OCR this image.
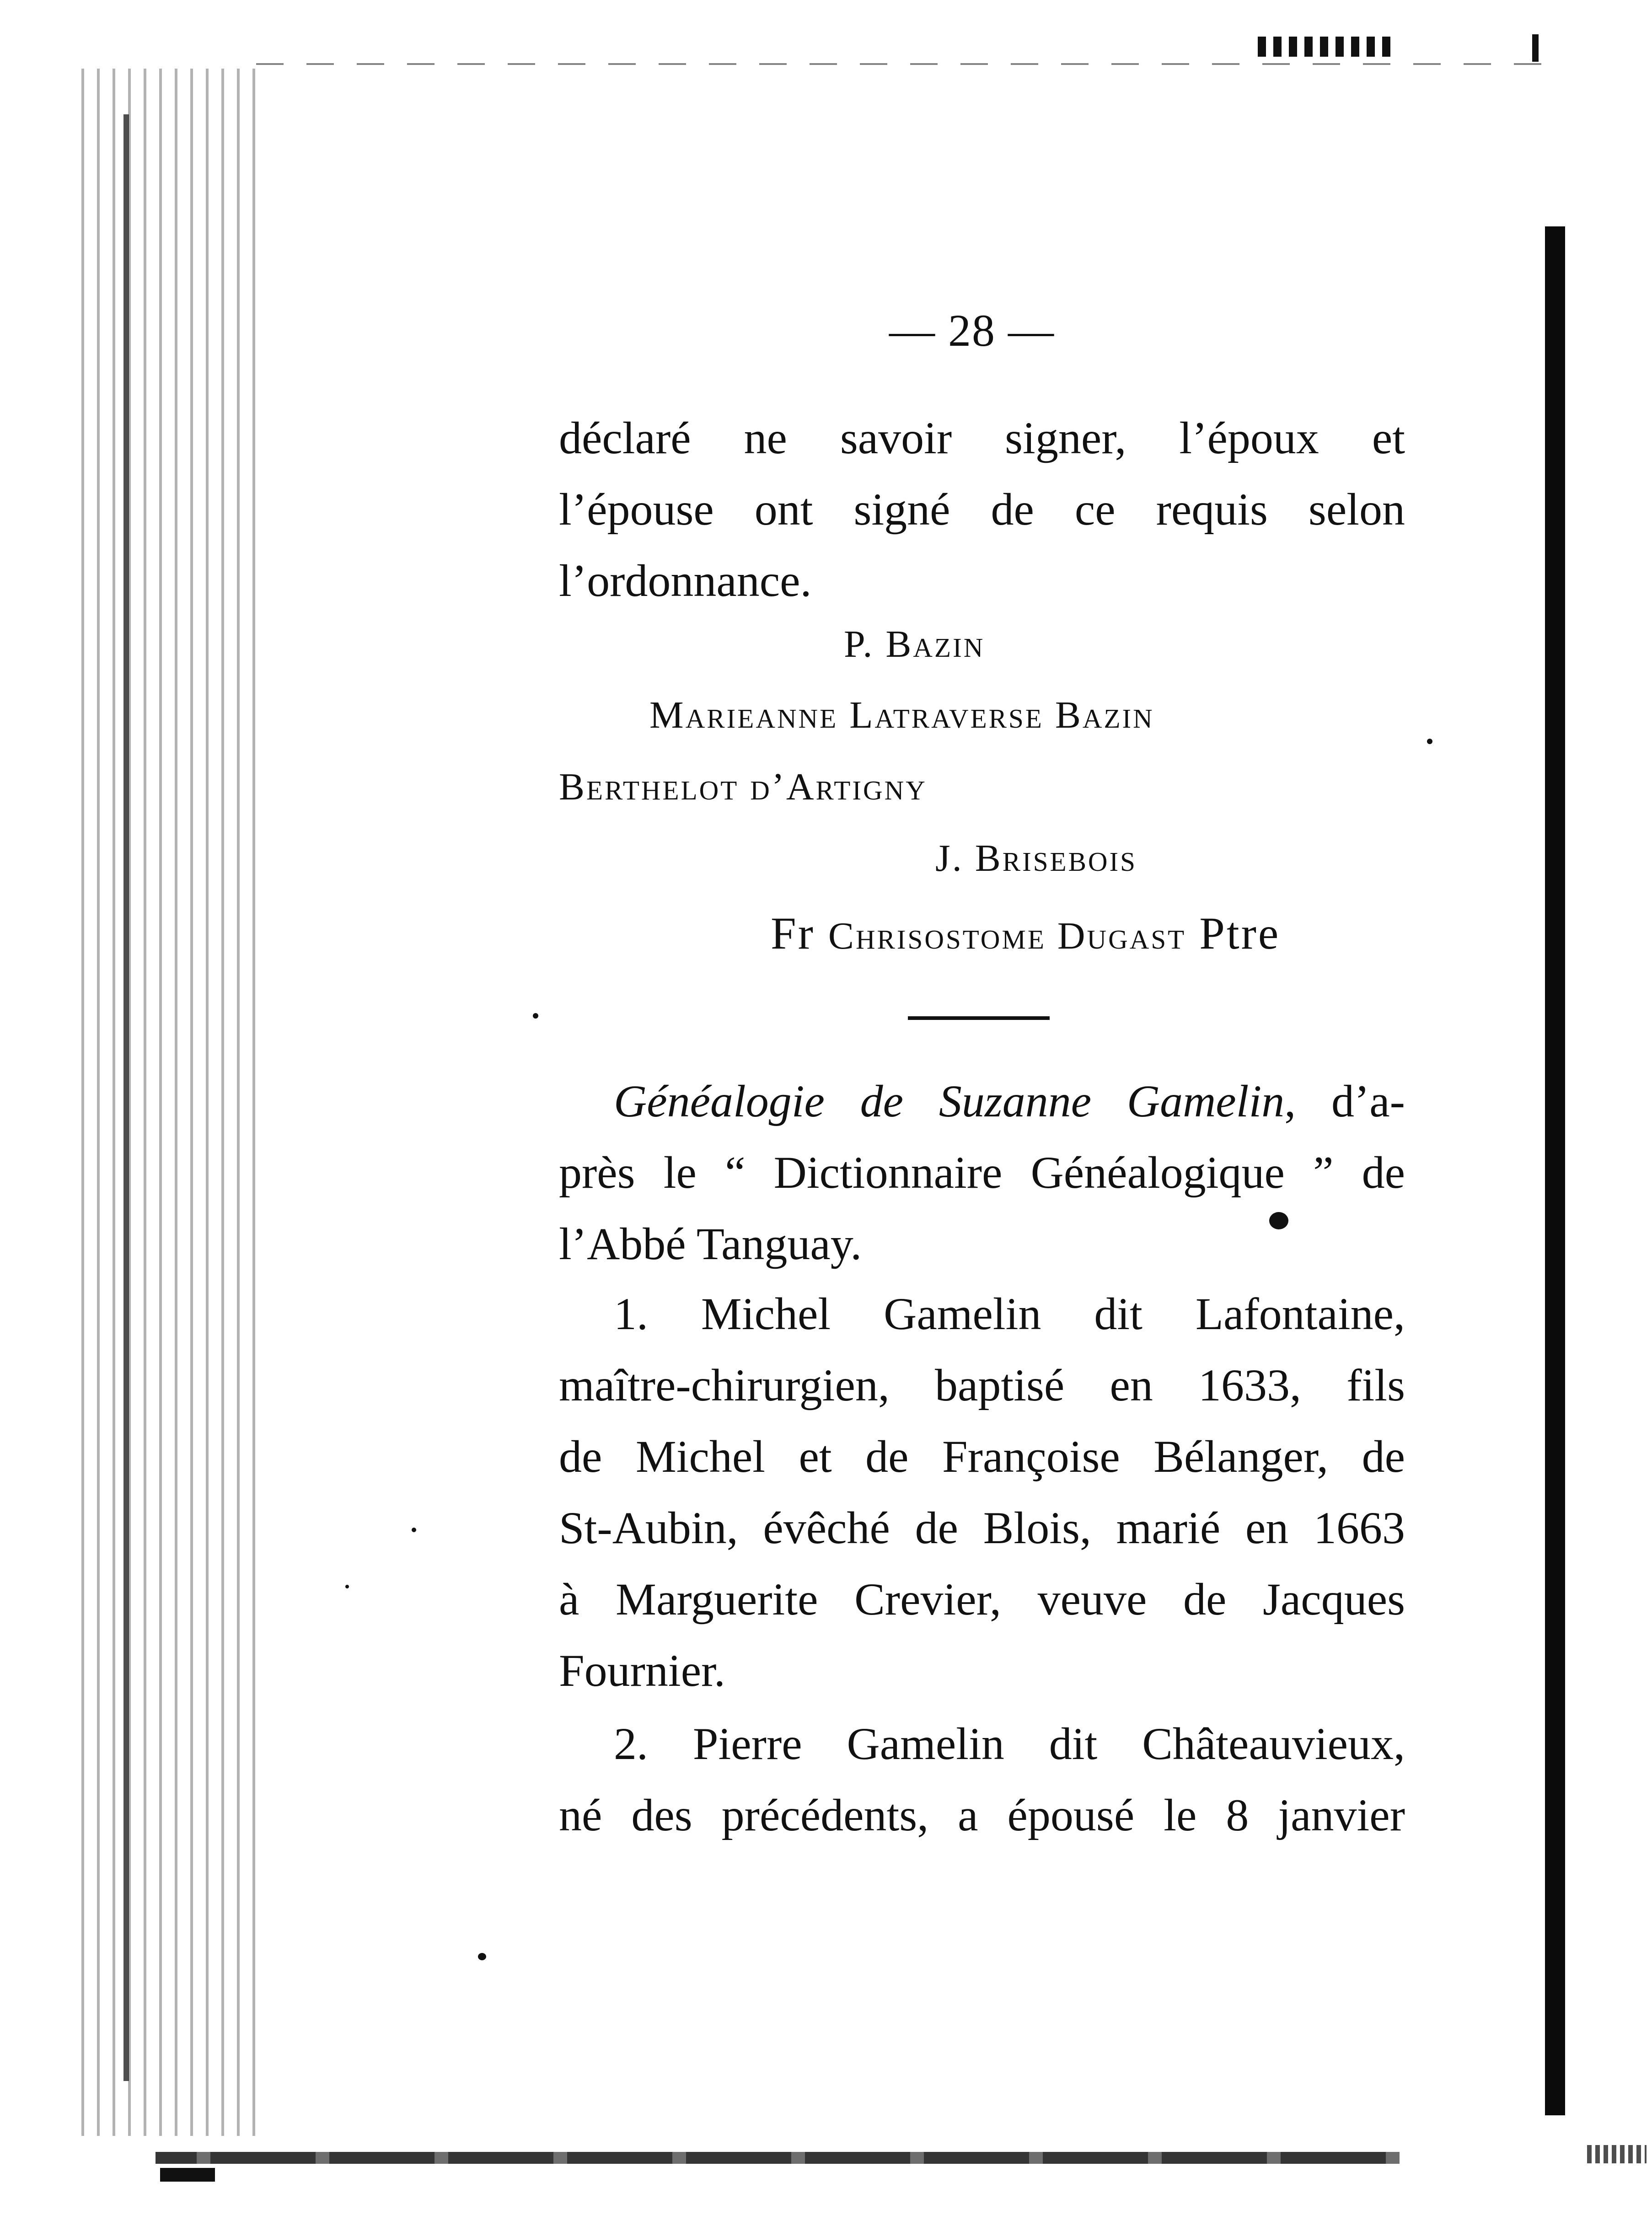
— 28 —
déclaré ne savoir signer, l’époux et
l’épouse ont signé de ce requis selon
l’ordonnance.
P. Bazin
Marieanne Latraverse Bazin
Berthelot d’Artigny
J. Brisebois
Fr Chrisostome Dugast Ptre
Généalogie de Suzanne Gamelin, d’a-
près le “ Dictionnaire Généalogique ” de
l’Abbé Tanguay.
1. Michel Gamelin dit Lafontaine,
maître-chirurgien, baptisé en 1633, fils
de Michel et de Françoise Bélanger, de
St-Aubin, évêché de Blois, marié en 1663
à Marguerite Crevier, veuve de Jacques
Fournier.
2. Pierre Gamelin dit Châteauvieux,
né des précédents, a épousé le 8 janvier
